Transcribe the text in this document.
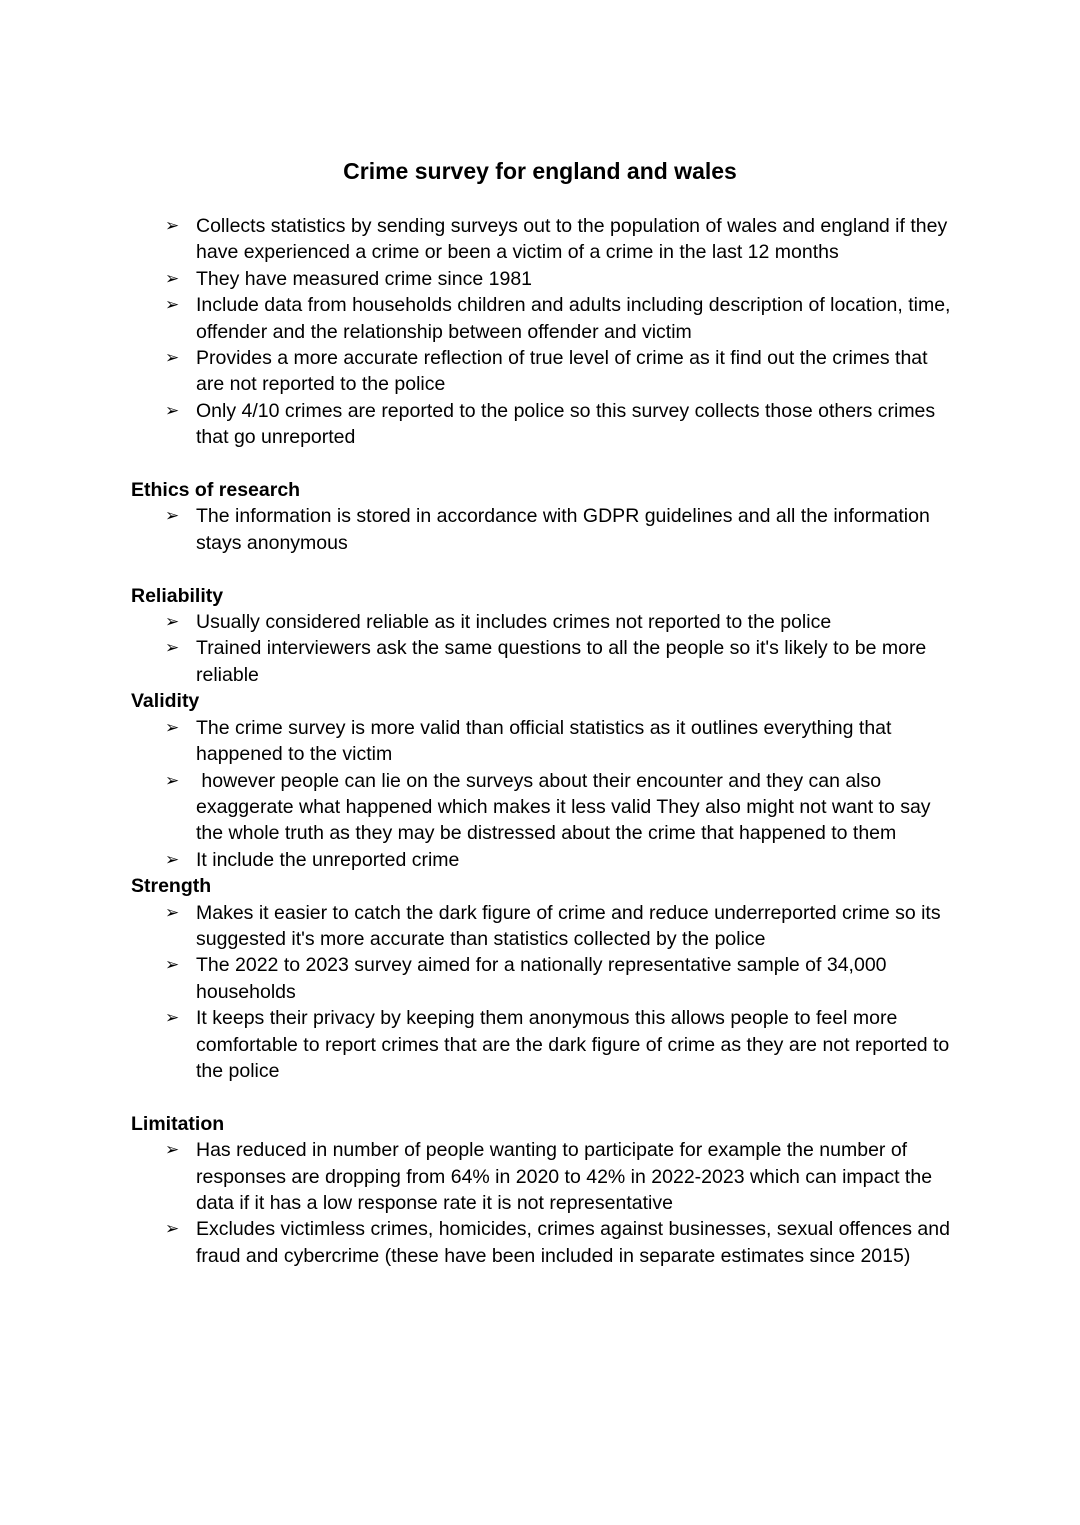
Crime survey for england and wales
➢ Collects statistics by sending surveys out to the population of wales and england if they have experienced a crime or been a victim of a crime in the last 12 months
➢ They have measured crime since 1981
➢ Include data from households children and adults including description of location, time, offender and the relationship between offender and victim
➢ Provides a more accurate reflection of true level of crime as it find out the crimes that are not reported to the police
➢ Only 4/10 crimes are reported to the police so this survey collects those others crimes that go unreported
Ethics of research
➢ The information is stored in accordance with GDPR guidelines and all the information stays anonymous
Reliability
➢ Usually considered reliable as it includes crimes not reported to the police
➢ Trained interviewers ask the same questions to all the people so it's likely to be more reliable
Validity
➢ The crime survey is more valid than official statistics as it outlines everything that happened to the victim
➢ however people can lie on the surveys about their encounter and they can also exaggerate what happened which makes it less valid They also might not want to say the whole truth as they may be distressed about the crime that happened to them
➢ It include the unreported crime
Strength
➢ Makes it easier to catch the dark figure of crime and reduce underreported crime so its suggested it's more accurate than statistics collected by the police
➢ The 2022 to 2023 survey aimed for a nationally representative sample of 34,000 households
➢ It keeps their privacy by keeping them anonymous this allows people to feel more comfortable to report crimes that are the dark figure of crime as they are not reported to the police
Limitation
➢ Has reduced in number of people wanting to participate for example the number of responses are dropping from 64% in 2020 to 42% in 2022-2023 which can impact the data if it has a low response rate it is not representative
➢ Excludes victimless crimes, homicides, crimes against businesses, sexual offences and fraud and cybercrime (these have been included in separate estimates since 2015)
